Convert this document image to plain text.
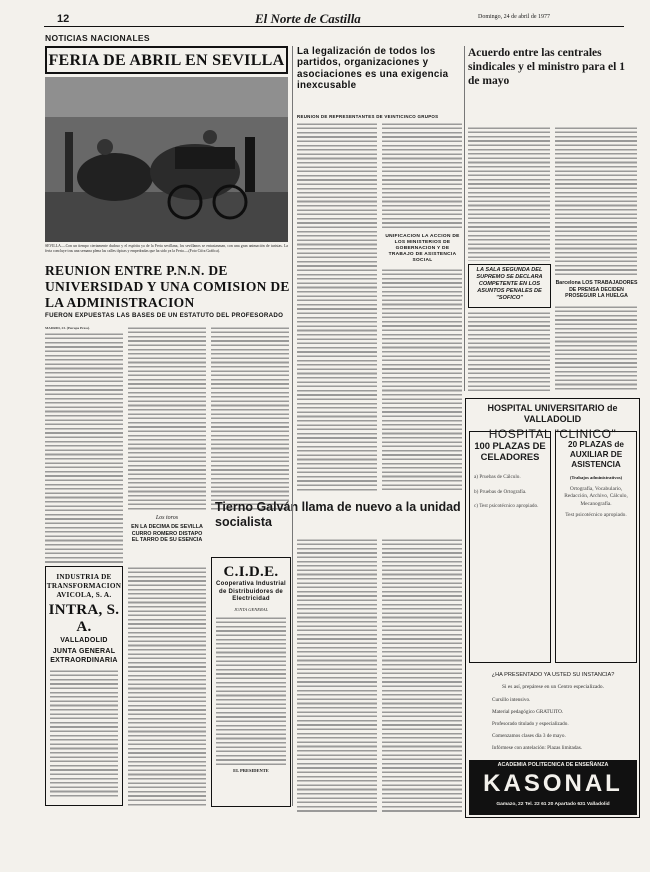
12	El Norte de Castilla	Domingo, 24 de abril de 1977
NOTICIAS NACIONALES
FERIA DE ABRIL EN SEVILLA
SEVILLA.—Con un tiempo ciertamente dudoso y el espíritu ya de la Feria sevillana, los sevillanos se entusiasman, con una gran animación de turistas. La feria concluye tras una semana plena las calles típicas y empedradas que ha sido ya la Feria.—(Foto Cifra Gráfica).
REUNION ENTRE P.N.N. DE UNIVERSIDAD Y UNA COMISION DE LA ADMINISTRACION
FUERON EXPUESTAS LAS BASES DE UN ESTATUTO DEL PROFESORADO
MADRID, 23. (Europa Press).
Los toros
EN LA DECIMA DE SEVILLA CURRO ROMERO DISTAPO EL TARRO DE SU ESENCIA
INDUSTRIA DE TRANSFORMACION AVICOLA, S. A.
INTRA, S. A.
VALLADOLID
JUNTA GENERAL EXTRAORDINARIA
C.I.D.E.
Cooperativa Industrial de Distribuidores de Electricidad
JUNTA GENERAL
EL PRESIDENTE
La legalización de todos los partidos, organizaciones y asociaciones es una exigencia inexcusable
REUNION DE REPRESENTANTES DE VEINTICINCO GRUPOS
UNIFICACION LA ACCION DE LOS MINISTERIOS DE GOBERNACION Y DE TRABAJO DE ASISTENCIA SOCIAL
Tierno Galván llama de nuevo a la unidad socialista
Acuerdo entre las centrales sindicales y el ministro para el 1 de mayo
LA SALA SEGUNDA DEL SUPREMO SE DECLARA COMPETENTE EN LOS ASUNTOS PENALES DE "SOFICO"
Barcelona LOS TRABAJADORES DE PRENSA DECIDEN PROSEGUIR LA HUELGA
HOSPITAL UNIVERSITARIO de VALLADOLID
HOSPITAL "CLINICO"
100 PLAZAS DE CELADORES
a) Pruebas de Cálculo.
b) Pruebas de Ortografía.
c) Test psicotécnico apropiado.
20 PLAZAS de AUXILIAR DE ASISTENCIA
(Trabajos administrativos)
Ortografía, Vocabulario, Redacción, Archivo, Cálculo, Mecanografía.
Test psicotécnico apropiado.
¿HA PRESENTADO YA USTED SU INSTANCIA?
Si es así, prepárese en un Centro especializado.
Cursillo intensivo.
Material pedagógico GRATUITO.
Profesorado titulado y especializado.
Comenzamos clases día 3 de mayo.
Infórmese con antelación: Plazas limitadas.
ACADEMIA POLITECNICA DE ENSEÑANZA
KASONAL
Gamazo, 22 Tel. 22 61 20 Apartado 631 Valladolid
